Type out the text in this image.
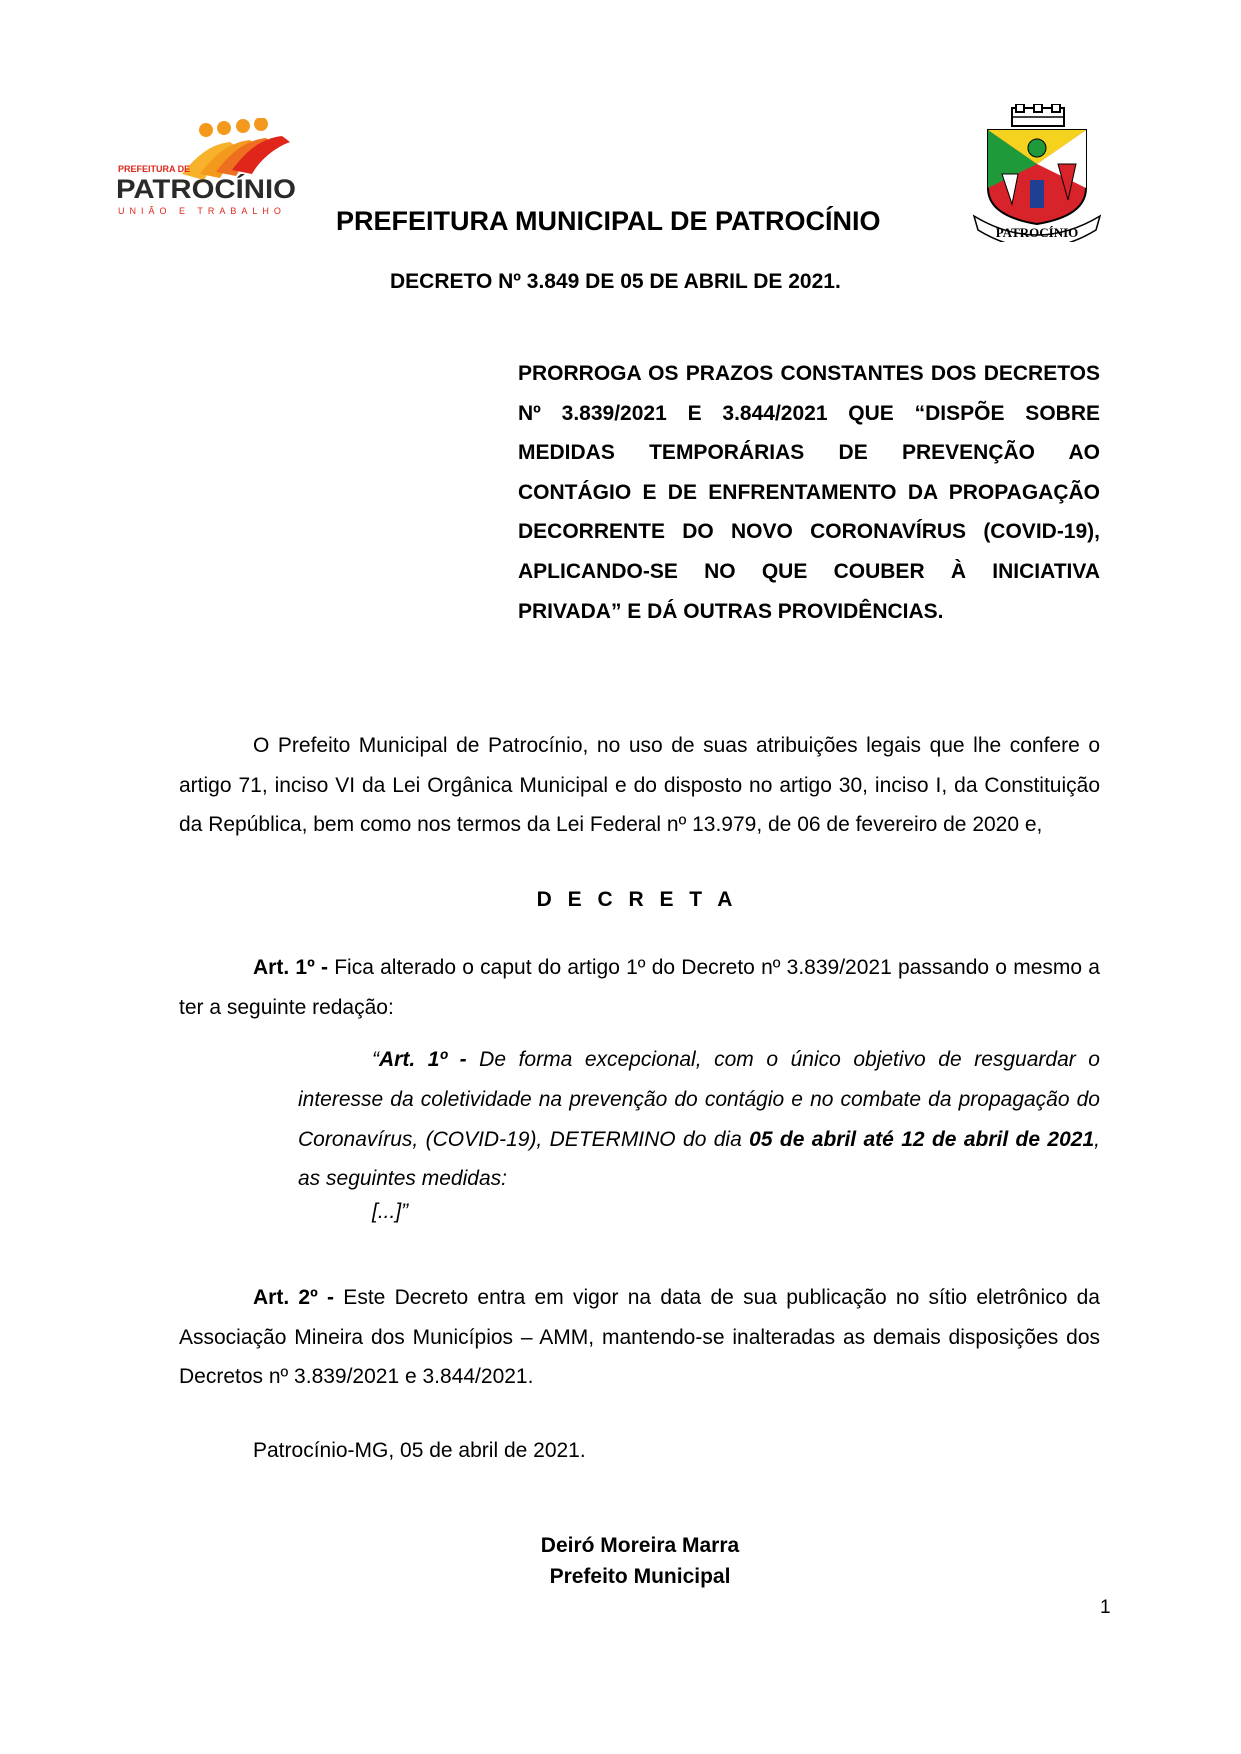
PREFEITURA DE
PATROCÍNIO
UNIÃO E TRABALHO
PATROCÍNIO
PREFEITURA MUNICIPAL DE PATROCÍNIO
DECRETO Nº 3.849 DE 05 DE ABRIL DE 2021.
PRORROGA OS PRAZOS CONSTANTES DOS DECRETOS Nº 3.839/2021 E 3.844/2021 QUE “DISPÕE SOBRE MEDIDAS TEMPORÁRIAS DE PREVENÇÃO AO CONTÁGIO E DE ENFRENTAMENTO DA PROPAGAÇÃO DECORRENTE DO NOVO CORONAVÍRUS (COVID-19), APLICANDO-SE NO QUE COUBER À INICIATIVA PRIVADA” E DÁ OUTRAS PROVIDÊNCIAS.
O Prefeito Municipal de Patrocínio, no uso de suas atribuições legais que lhe confere o artigo 71, inciso VI da Lei Orgânica Municipal e do disposto no artigo 30, inciso I, da Constituição da República, bem como nos termos da Lei Federal nº 13.979, de 06 de fevereiro de 2020 e,
D E C R E T A
Art. 1º - Fica alterado o caput do artigo 1º do Decreto nº 3.839/2021 passando o mesmo a ter a seguinte redação:
“Art. 1º - De forma excepcional, com o único objetivo de resguardar o interesse da coletividade na prevenção do contágio e no combate da propagação do Coronavírus, (COVID-19), DETERMINO do dia 05 de abril até 12 de abril de 2021, as seguintes medidas:
[...]”
Art. 2º - Este Decreto entra em vigor na data de sua publicação no sítio eletrônico da Associação Mineira dos Municípios – AMM, mantendo-se inalteradas as demais disposições dos Decretos nº 3.839/2021 e 3.844/2021.
Patrocínio-MG, 05 de abril de 2021.
Deiró Moreira Marra
Prefeito Municipal
1
